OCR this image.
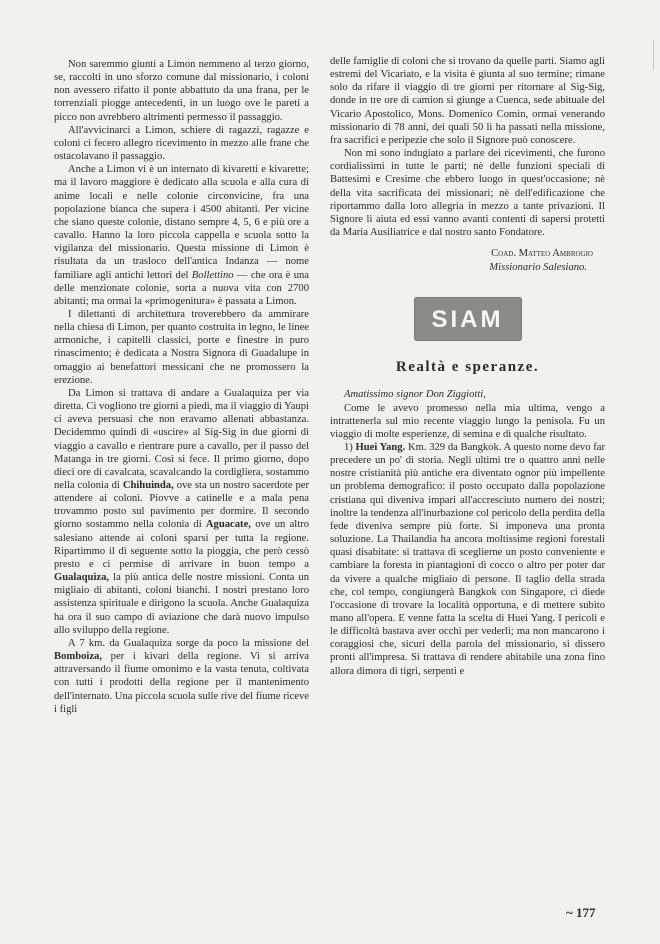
Non saremmo giunti a Limon nemmeno al terzo giorno, se, raccolti in uno sforzo comune dal missionario, i coloni non avessero rifatto il ponte abbattuto da una frana, per le torrenziali piogge antecedenti, in un luogo ove le pareti a picco non avrebbero altrimenti permesso il passaggio.

All'avvicinarci a Limon, schiere di ragazzi, ragazze e coloni ci fecero allegro ricevimento in mezzo alle frane che ostacolavano il passaggio.

Anche a Limon vi è un internato di kivaretti e kivarette; ma il lavoro maggiore è dedicato alla scuola e alla cura di anime locali e nelle colonie circonvicine, fra una popolazione bianca che supera i 4500 abitanti. Per vicine che siano queste colonie, distano sempre 4, 5, 6 e più ore a cavallo. Hanno la loro piccola cappella e scuola sotto la vigilanza del missionario. Questa missione di Limon è risultata da un trasloco dell'antica Indanza — nome familiare agli antichi lettori del Bollettino — che ora è una delle menzionate colonie, sorta a nuova vita con 2700 abitanti; ma ormai la «primogenitura» è passata a Limon.

I dilettanti di architettura troverebbero da ammirare nella chiesa di Limon, per quanto costruita in legno, le linee armoniche, i capitelli classici, porte e finestre in puro rinascimento; è dedicata a Nostra Signora di Guadalupe in omaggio ai benefattori messicani che ne promossero la erezione.

Da Limon si trattava di andare a Gualaquiza per via diretta. Ci vogliono tre giorni a piedi, ma il viaggio di Yaupi ci aveva persuasi che non eravamo allenati abbastanza. Decidemmo quindi di «uscire» al Sig-Sig in due giorni di viaggio a cavallo e rientrare pure a cavallo, per il passo del Matanga in tre giorni. Così si fece. Il primo giorno, dopo dieci ore di cavalcata, scavalcando la cordigliera, sostammo nella colonia di Chihuinda, ove sta un nostro sacerdote per attendere ai coloni. Piovve a catinelle e a mala pena trovammo posto sul pavimento per dormire. Il secondo giorno sostammo nella colonia di Aguacate, ove un altro salesiano attende ai coloni sparsi per tutta la regione. Ripartimmo il dì seguente sotto la pioggia, che però cessò presto e ci permise di arrivare in buon tempo a Gualaquiza, la più antica delle nostre missioni. Conta un migliaio di abitanti, coloni bianchi. I nostri prestano loro assistenza spirituale e dirigono la scuola. Anche Gualaquiza ha ora il suo campo di aviazione che darà nuovo impulso allo sviluppo della regione.

A 7 km. da Gualaquiza sorge da poco la missione del Bomboiza, per i kivari della regione. Vi si arriva attraversando il fiume omonimo e la vasta tenuta, coltivata con tutti i prodotti della regione per il mantenimento dell'internato. Una piccola scuola sulle rive del fiume riceve i figli

delle famiglie di coloni che si trovano da quelle parti. Siamo agli estremi del Vicariato, e la visita è giunta al suo termine; rimane solo da rifare il viaggio di tre giorni per ritornare al Sig-Sig, donde in tre ore di camion si giunge a Cuenca, sede abituale del Vicario Apostolico, Mons. Domenico Comin, ormai venerando missionario di 78 anni, dei quali 50 li ha passati nella missione, fra sacrifici e peripezie che solo il Signore può conoscere.

Non mi sono indugiato a parlare dei ricevimenti, che furono cordialissimi in tutte le parti; nè delle funzioni speciali di Battesimi e Cresime che ebbero luogo in quest'occasione; nè della vita sacrificata dei missionari; nè dell'edificazione che riportammo dalla loro allegria in mezzo a tante privazioni. Il Signore li aiuta ed essi vanno avanti contenti di sapersi protetti da Maria Ausiliatrice e dal nostro santo Fondatore.

Coad. Matteo Ambrogio
Missionario Salesiano.
SIAM
Realtà e speranze.

Amatissimo signor Don Ziggiotti,

Come le avevo promesso nella mia ultima, vengo a intrattenerla sul mio recente viaggio lungo la penisola. Fu un viaggio di molte esperienze, di semina e di qualche risultato.

1) Huei Yang. Km. 329 da Bangkok. A questo nome devo far precedere un po' di storia. Negli ultimi tre o quattro anni nelle nostre cristianità più antiche era diventato ognor più impellente un problema demografico: il posto occupato dalla popolazione cristiana qui diveniva impari all'accresciuto numero dei nostri; inoltre la tendenza all'inurbazione col pericolo della perdita della fede diveniva sempre più forte. Si imponeva una pronta soluzione. La Thailandia ha ancora moltissime regioni forestali quasi disabitate: si trattava di sceglierne un posto conveniente e cambiare la foresta in piantagioni di cocco o altro per poter dar da vivere a qualche migliaio di persone. Il taglio della strada che, col tempo, congiungerà Bangkok con Singapore, ci diede l'occasione di trovare la località opportuna, e di mettere subito mano all'opera. E venne fatta la scelta di Huei Yang. I pericoli e le difficoltà bastava aver occhi per vederli; ma non mancarono i coraggiosi che, sicuri della parola del missionario, si dissero pronti all'impresa. Si trattava di rendere abitabile una zona fino allora dimora di tigri, serpenti e

~ 177
